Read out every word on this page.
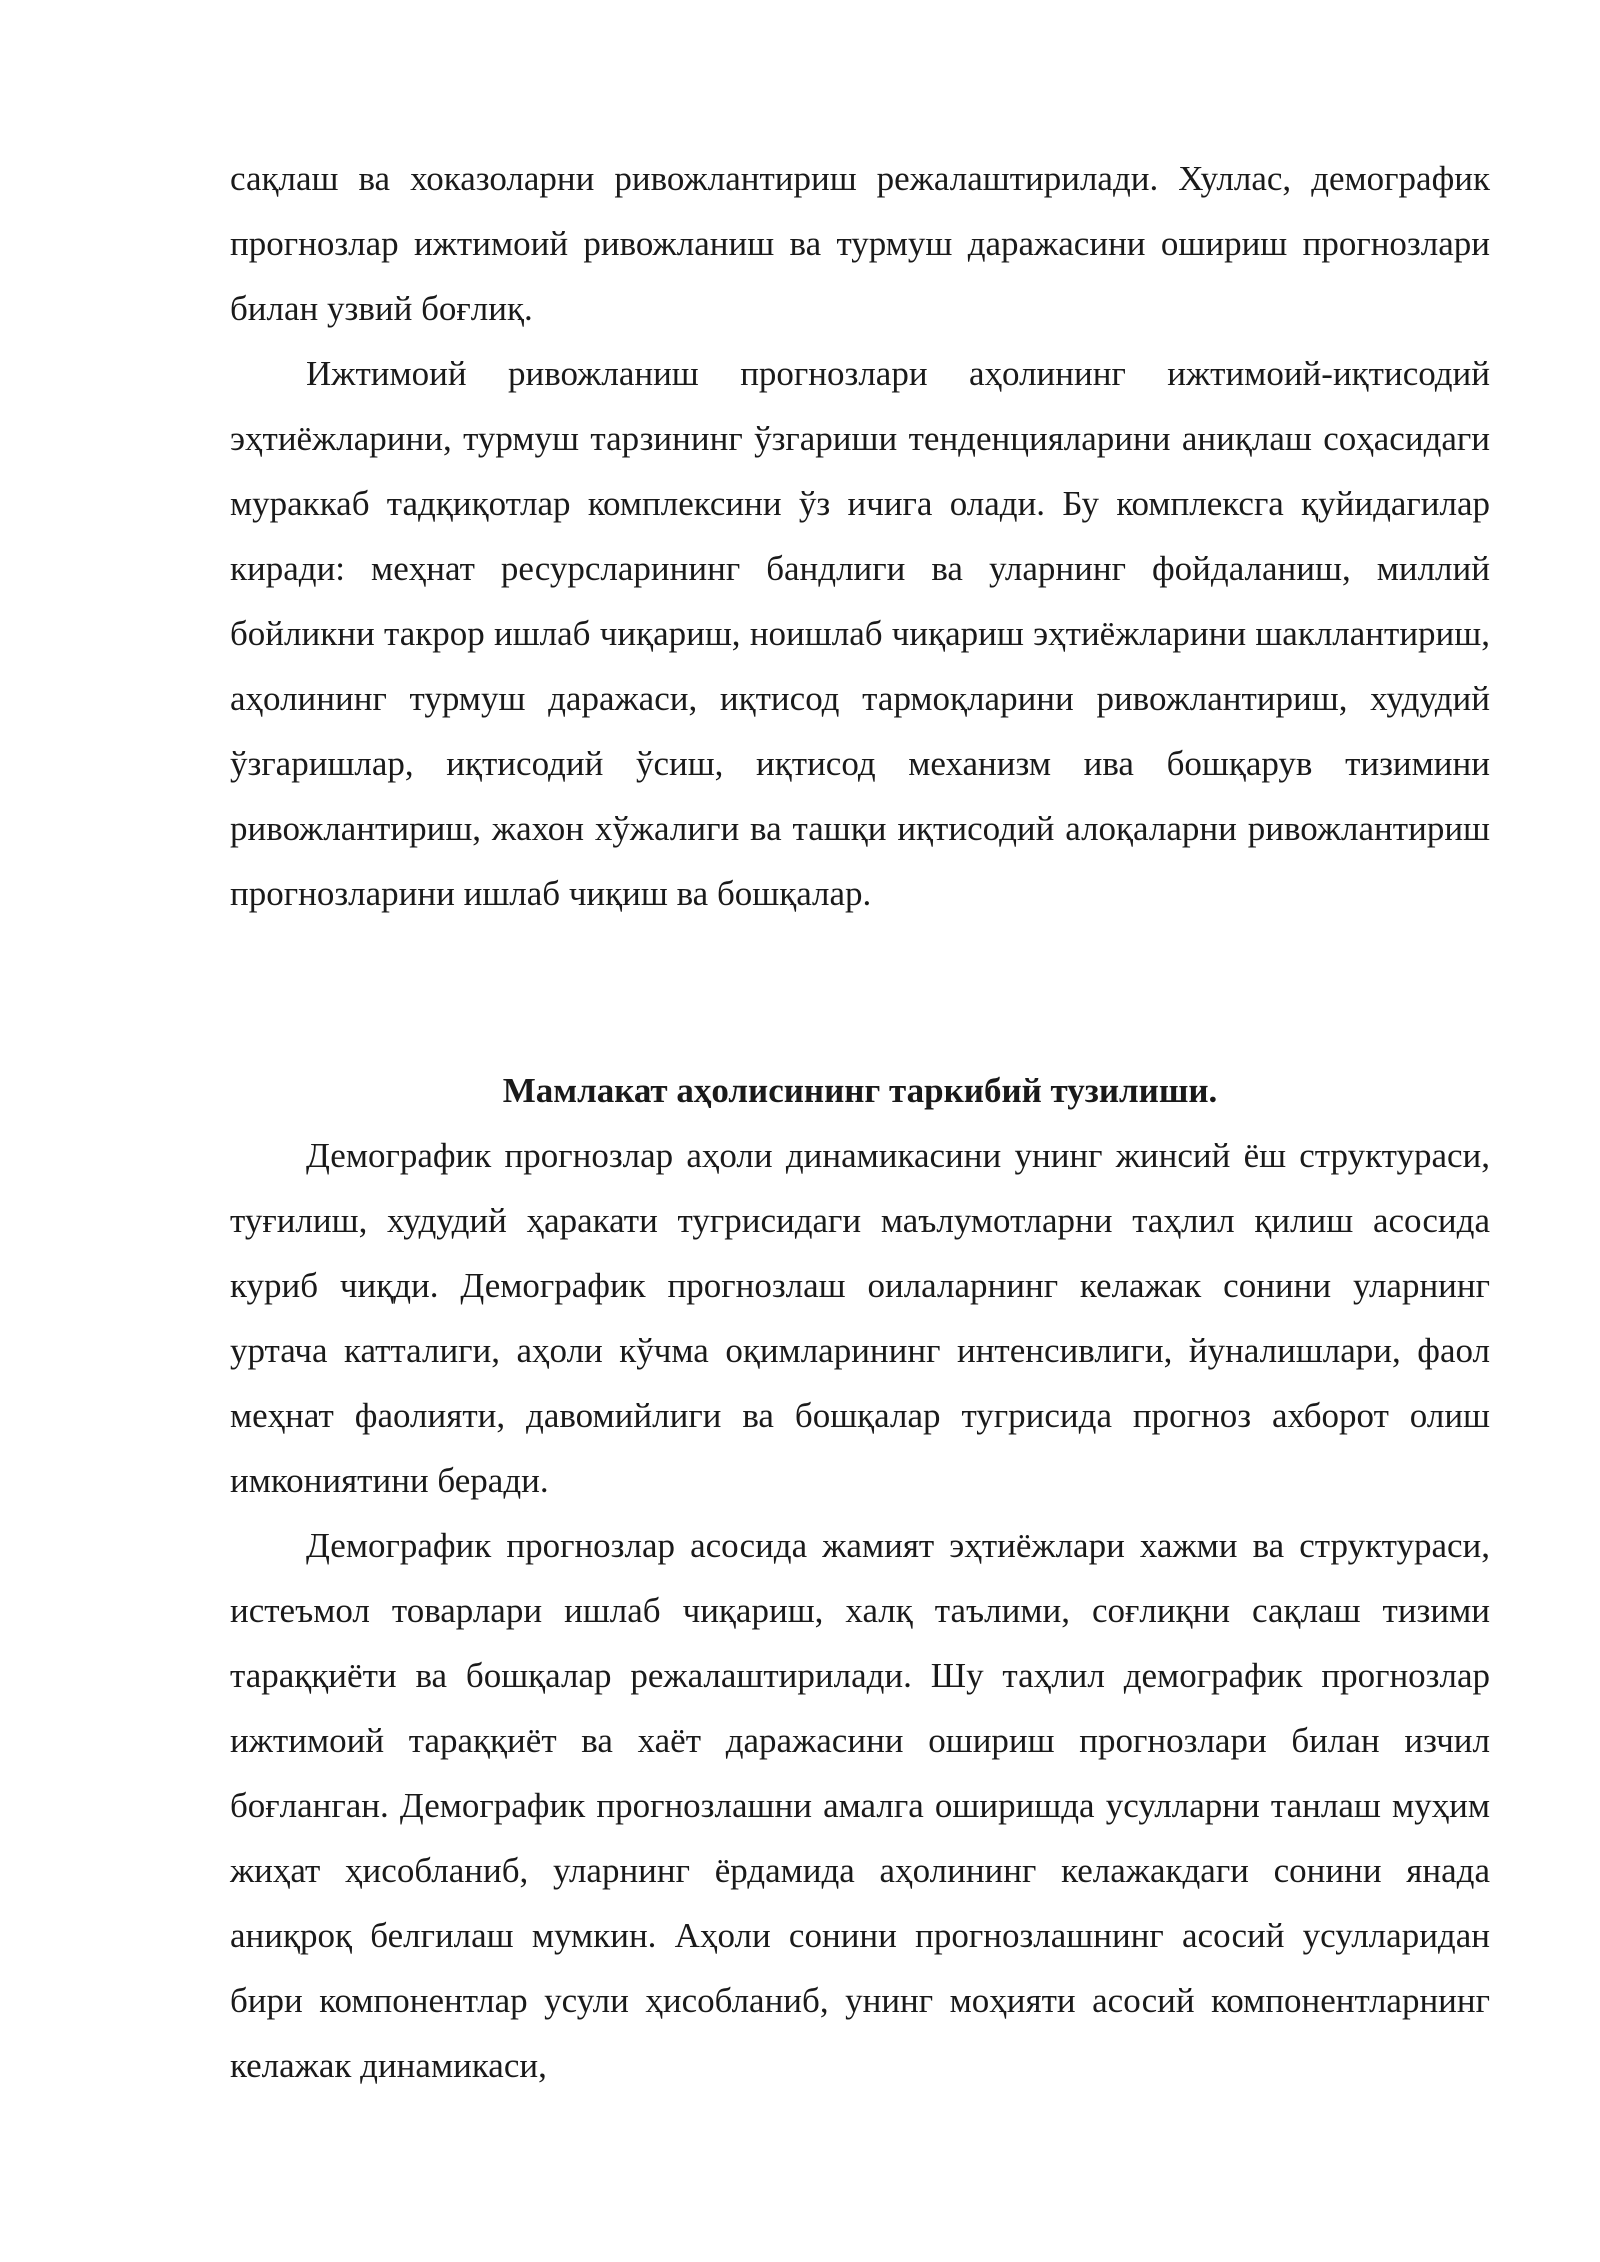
сақлаш ва хоказоларни ривожлантириш режалаштирилади. Хуллас, демографик прогнозлар ижтимоий ривожланиш ва турмуш даражасини ошириш прогнозлари билан узвий боғлиқ.

Ижтимоий ривожланиш прогнозлари аҳолининг ижтимоий-иқтисодий эҳтиёжларини, турмуш тарзининг ўзгариши тенденцияларини аниқлаш соҳасидаги мураккаб тадқиқотлар комплексини ўз ичига олади. Бу комплексга қуйидагилар киради: меҳнат ресурсларининг бандлиги ва уларнинг фойдаланиш, миллий бойликни такрор ишлаб чиқариш, ноишлаб чиқариш эҳтиёжларини шакллантириш, аҳолининг турмуш даражаси, иқтисод тармоқларини ривожлантириш, худудий ўзгаришлар, иқтисодий ўсиш, иқтисод механизм ива бошқарув тизимини ривожлантириш, жахон хўжалиги ва ташқи иқтисодий алоқаларни ривожлантириш прогнозларини ишлаб чиқиш ва бошқалар.

Мамлакат аҳолисининг таркибий тузилиши.

Демографик прогнозлар аҳоли динамикасини унинг жинсий ёш структураси, туғилиш, худудий ҳаракати тугрисидаги маълумотларни таҳлил қилиш асосида куриб чиқди. Демографик прогнозлаш оилаларнинг келажак сонини уларнинг уртача катталиги, аҳоли кўчма оқимларининг интенсивлиги, йуналишлари, фаол меҳнат фаолияти, давомийлиги ва бошқалар тугрисида прогноз ахборот олиш имкониятини беради.

Демографик прогнозлар асосида жамият эҳтиёжлари хажми ва структураси, истеъмол товарлари ишлаб чиқариш, халқ таълими, соғлиқни сақлаш тизими тараққиёти ва бошқалар режалаштирилади. Шу таҳлил демографик прогнозлар ижтимоий тараққиёт ва хаёт даражасини ошириш прогнозлари билан изчил боғланган. Демографик прогнозлашни амалга оширишда усулларни танлаш муҳим жиҳат ҳисобланиб, уларнинг ёрдамида аҳолининг келажакдаги сонини янада аниқроқ белгилаш мумкин. Аҳоли сонини прогнозлашнинг асосий усулларидан бири компонентлар усули ҳисобланиб, унинг моҳияти асосий компонентларнинг келажак динамикаси,
